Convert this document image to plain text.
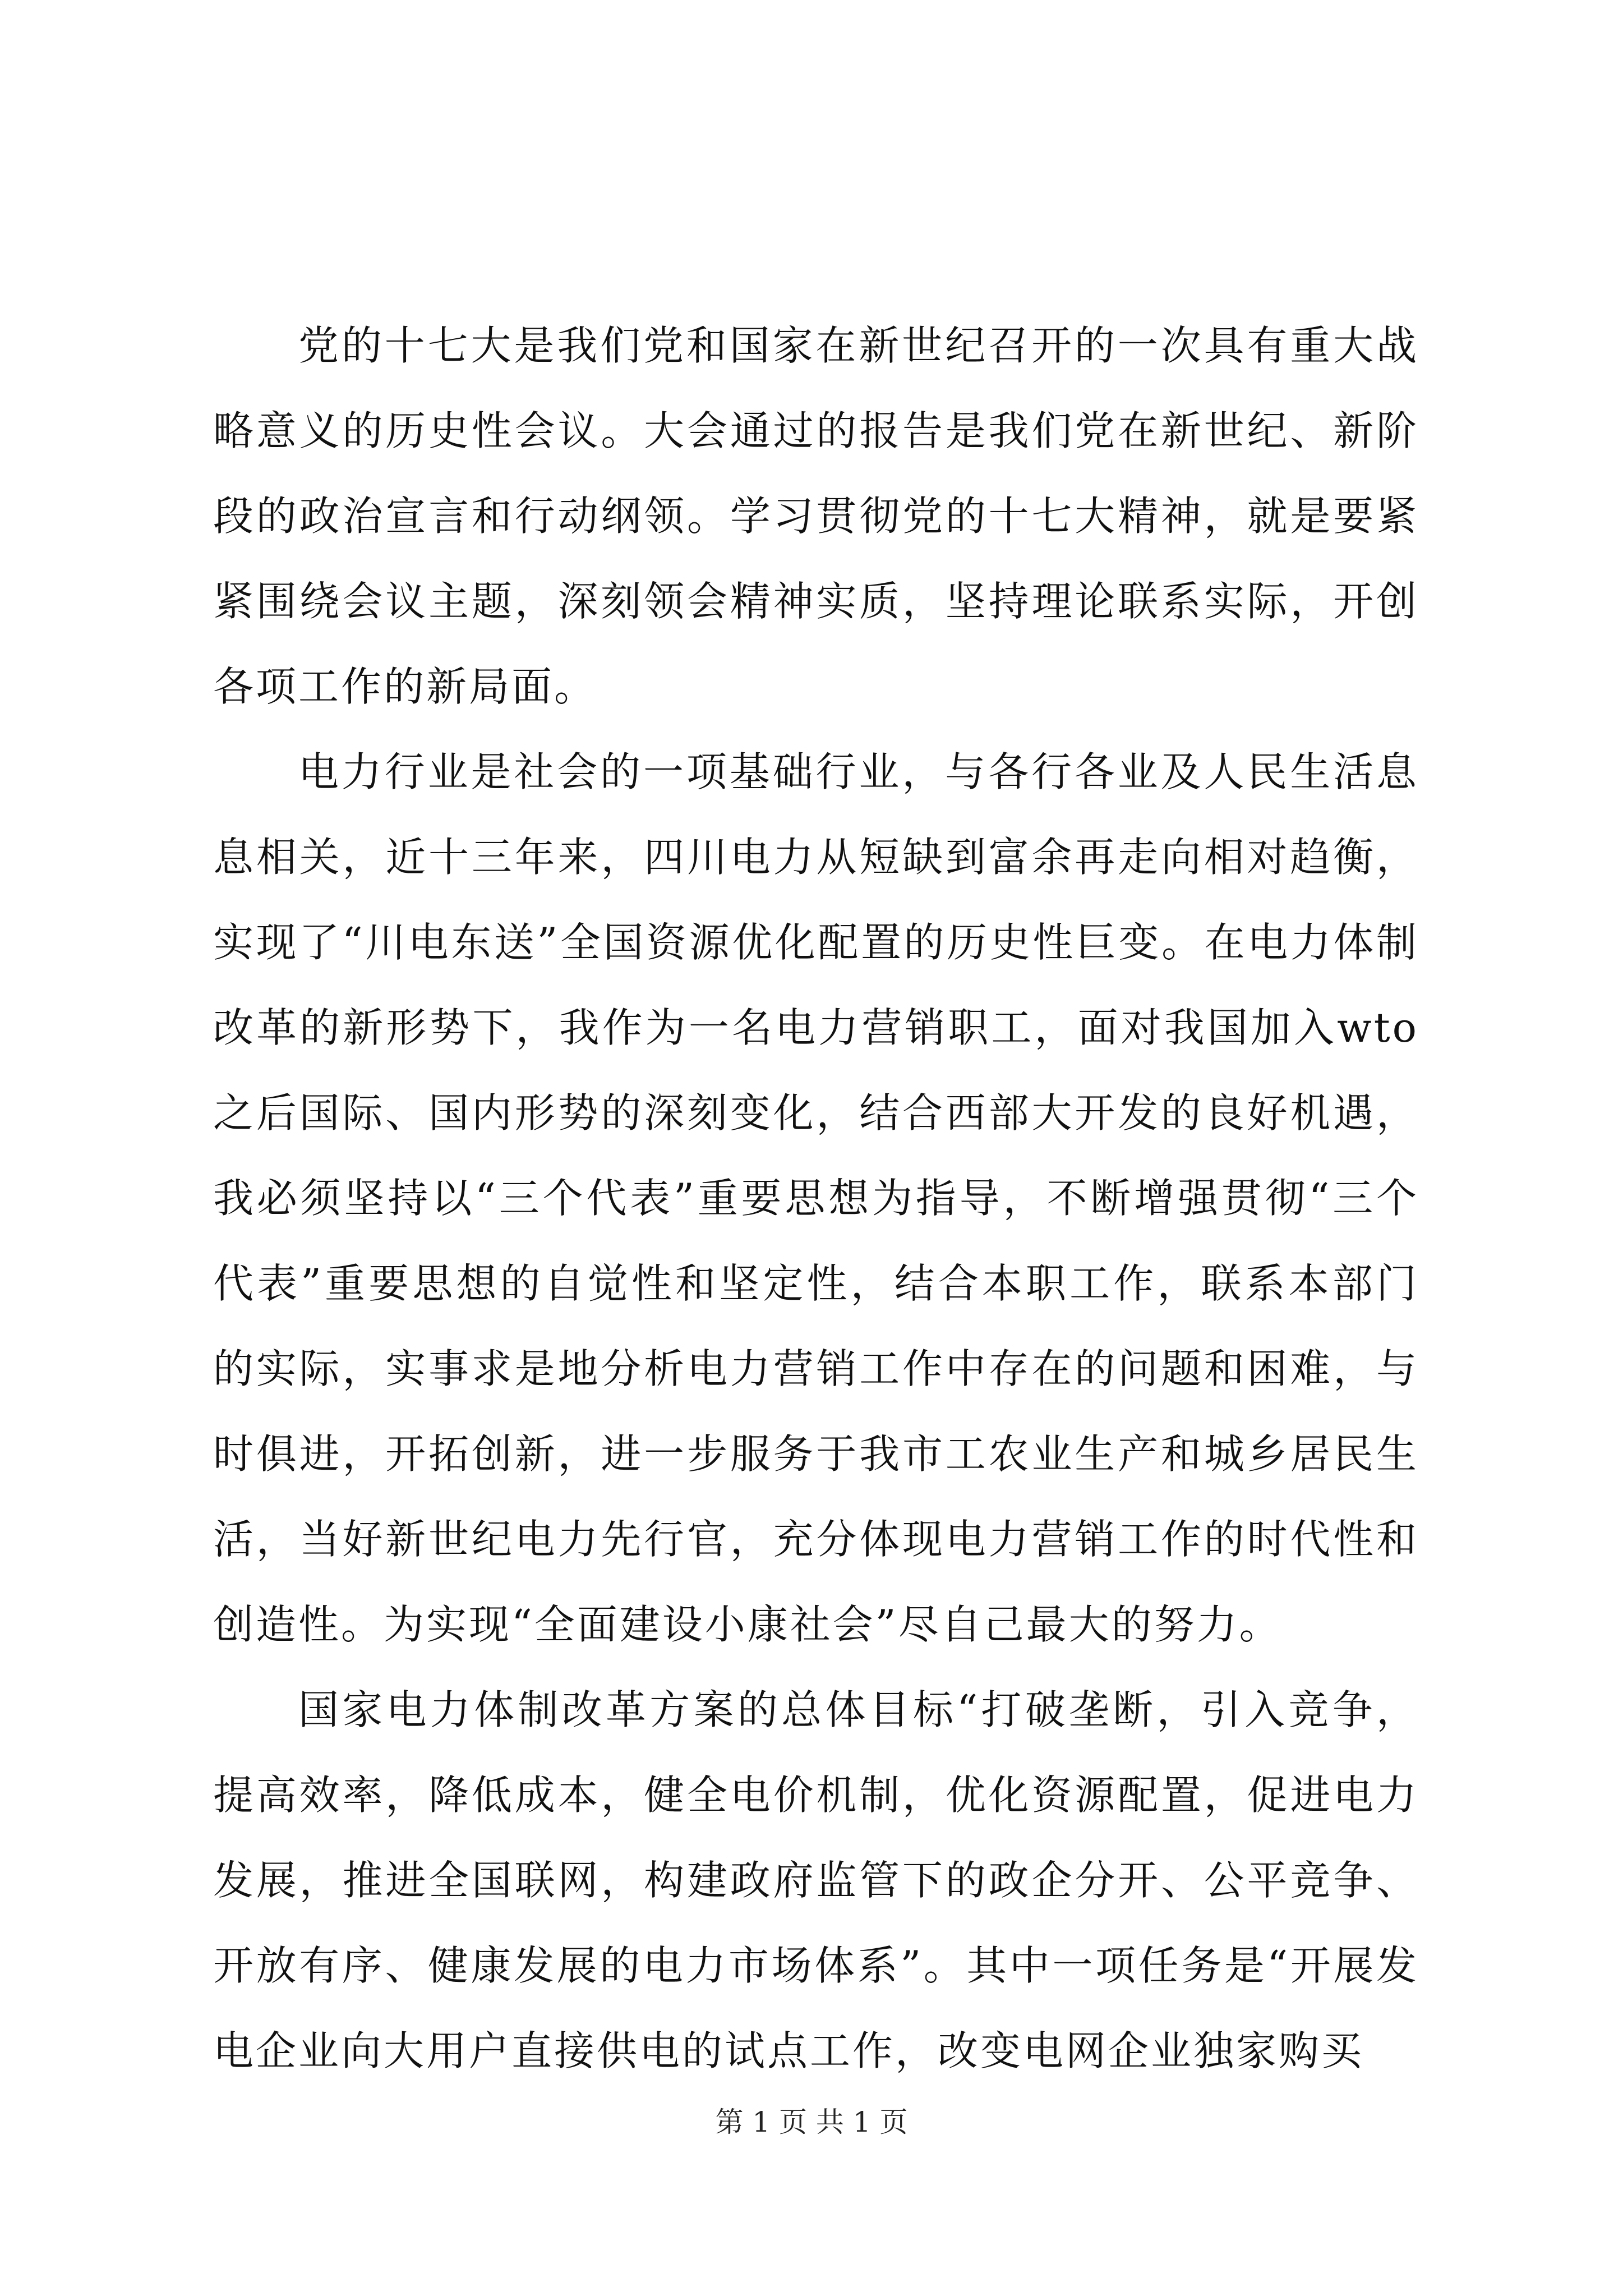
党的十七大是我们党和国家在新世纪召开的一次具有重大战略意义的历史性会议。大会通过的报告是我们党在新世纪、新阶段的政治宣言和行动纲领。学习贯彻党的十七大精神，就是要紧紧围绕会议主题，深刻领会精神实质，坚持理论联系实际，开创各项工作的新局面。

电力行业是社会的一项基础行业，与各行各业及人民生活息息相关，近十三年来，四川电力从短缺到富余再走向相对趋衡，实现了“川电东送”全国资源优化配置的历史性巨变。在电力体制改革的新形势下，我作为一名电力营销职工，面对我国加入wto之后国际、国内形势的深刻变化，结合西部大开发的良好机遇，我必须坚持以“三个代表”重要思想为指导，不断增强贯彻“三个代表”重要思想的自觉性和坚定性，结合本职工作，联系本部门的实际，实事求是地分析电力营销工作中存在的问题和困难，与时俱进，开拓创新，进一步服务于我市工农业生产和城乡居民生活，当好新世纪电力先行官，充分体现电力营销工作的时代性和创造性。为实现“全面建设小康社会”尽自己最大的努力。

国家电力体制改革方案的总体目标“打破垄断，引入竞争，提高效率，降低成本，健全电价机制，优化资源配置，促进电力发展，推进全国联网，构建政府监管下的政企分开、公平竞争、开放有序、健康发展的电力市场体系”。其中一项任务是“开展发电企业向大用户直接供电的试点工作，改变电网企业独家购买

第 1 页 共 1 页
